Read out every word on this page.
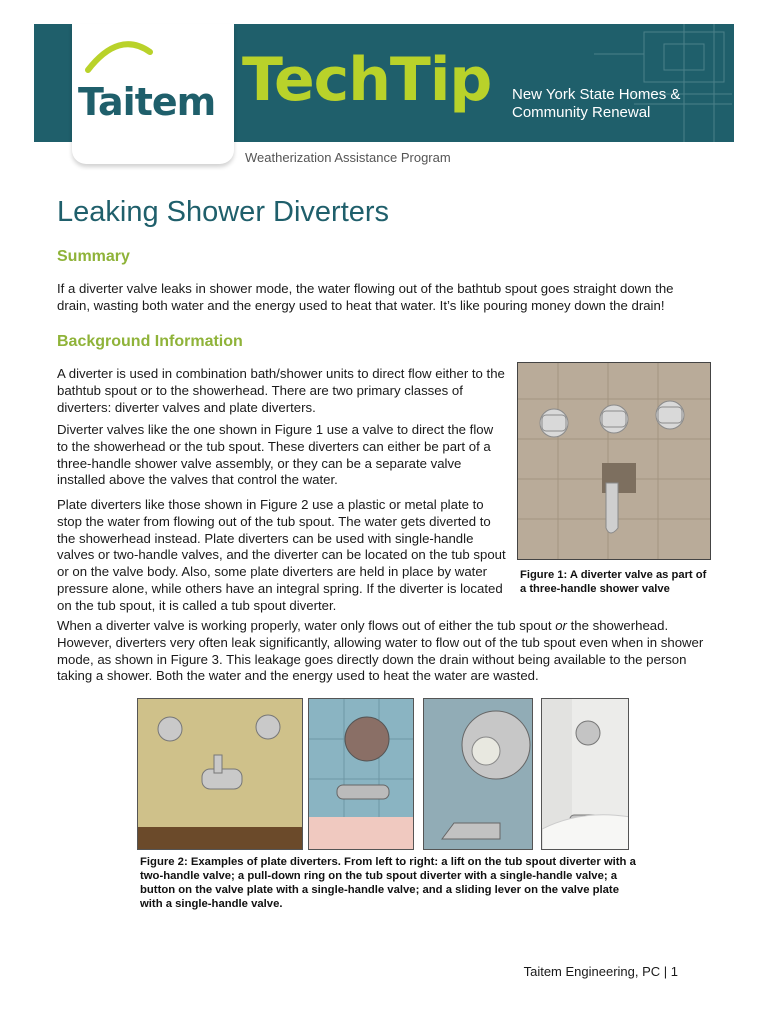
Taitem TechTip New York State Homes & Community Renewal
Weatherization Assistance Program
Leaking Shower Diverters
Summary

If a diverter valve leaks in shower mode, the water flowing out of the bathtub spout goes straight down the drain, wasting both water and the energy used to heat that water. It’s like pouring money down the drain!

Background Information

A diverter is used in combination bath/shower units to direct flow either to the bathtub spout or to the showerhead. There are two primary classes of diverters: diverter valves and plate diverters.

Diverter valves like the one shown in Figure 1 use a valve to direct the flow to the showerhead or the tub spout. These diverters can either be part of a three-handle shower valve assembly, or they can be a separate valve installed above the valves that control the water.

Plate diverters like those shown in Figure 2 use a plastic or metal plate to stop the water from flowing out of the tub spout. The water gets diverted to the showerhead instead. Plate diverters can be used with single-handle valves or two-handle valves, and the diverter can be located on the tub spout or on the valve body. Also, some plate diverters are held in place by water pressure alone, while others have an integral spring. If the diverter is located on the tub spout, it is called a tub spout diverter.

When a diverter valve is working properly, water only flows out of either the tub spout or the showerhead. However, diverters very often leak significantly, allowing water to flow out of the tub spout even when in shower mode, as shown in Figure 3. This leakage goes directly down the drain without being available to the person taking a shower. Both the water and the energy used to heat the water are wasted.

Figure 1: A diverter valve as part of a three-handle shower valve
Figure 2: Examples of plate diverters. From left to right: a lift on the tub spout diverter with a two-handle valve; a pull-down ring on the tub spout diverter with a single-handle valve; a button on the valve plate with a single-handle valve; and a sliding lever on the valve plate with a single-handle valve.
Taitem Engineering, PC | 1
